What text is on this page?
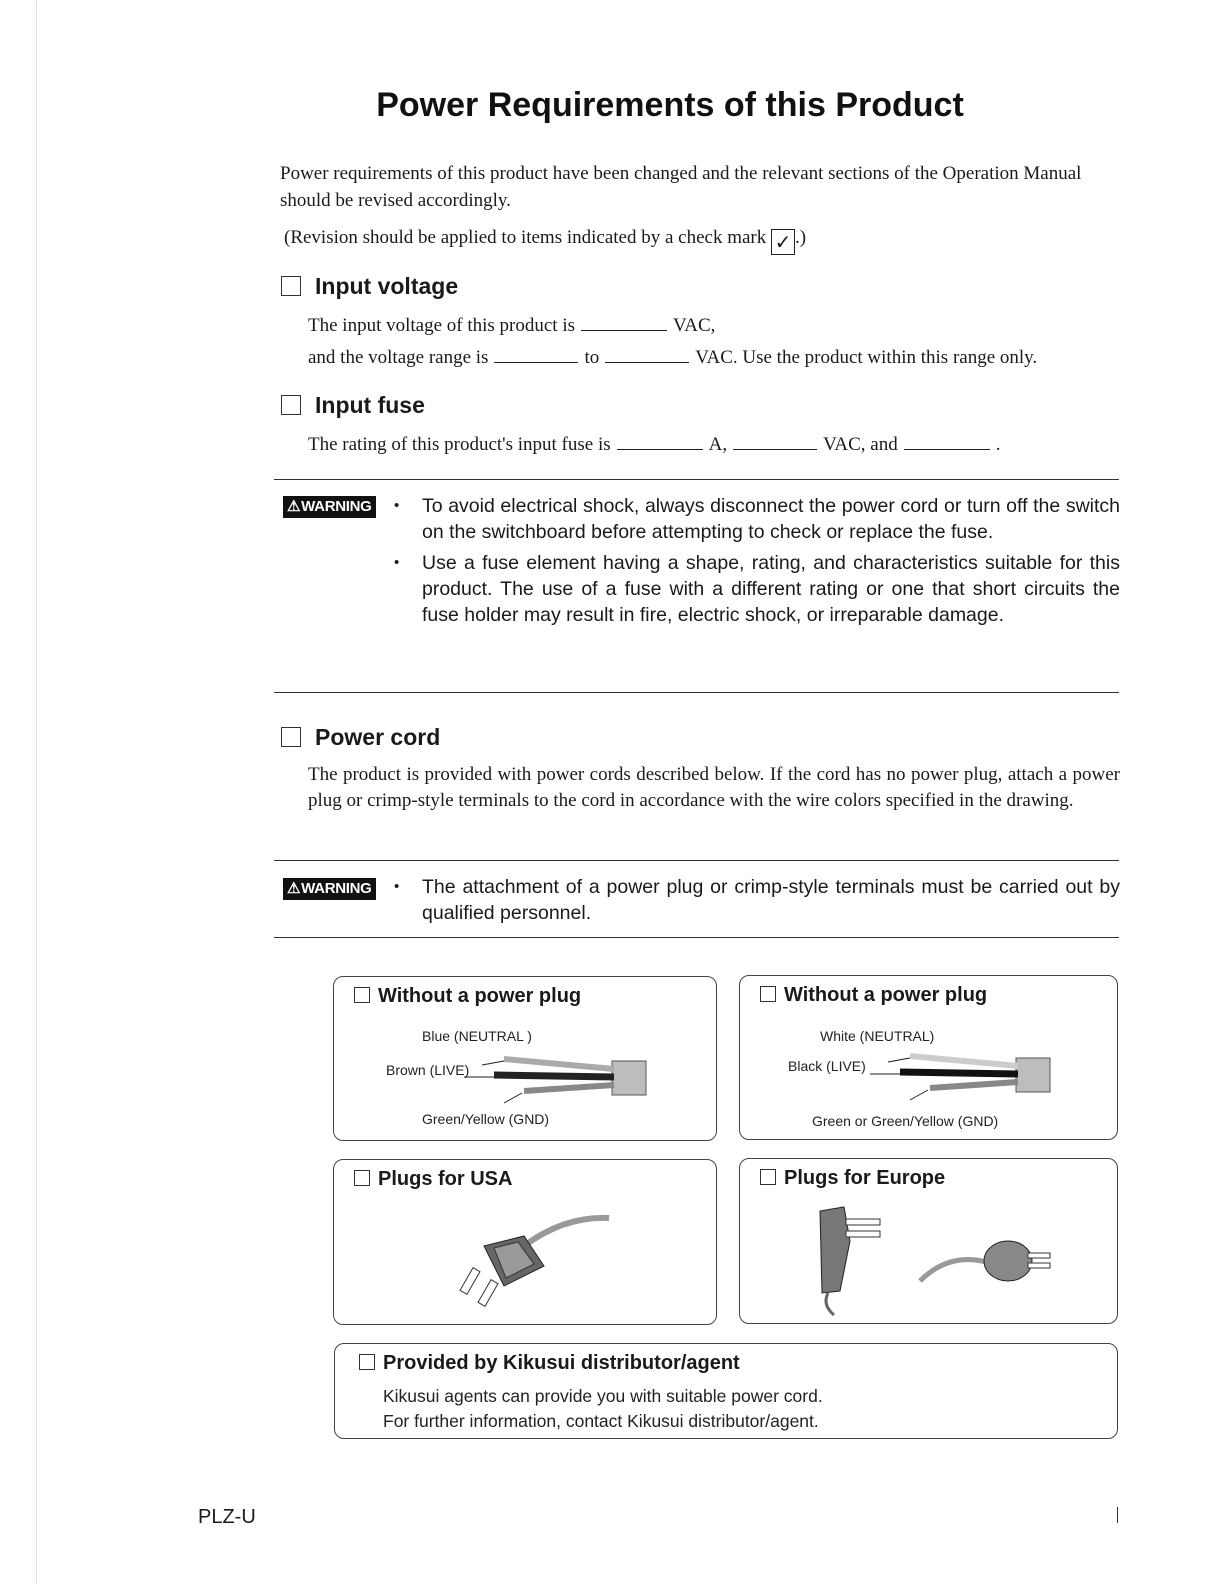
Power Requirements of this Product
Power requirements of this product have been changed and the relevant sections of the Operation Manual should be revised accordingly.
(Revision should be applied to items indicated by a check mark ✓ .)
Input voltage
The input voltage of this product is	VAC,
and the voltage range is	to	VAC. Use the product within this range only.
Input fuse
The rating of this product's input fuse is	A,	VAC, and	.
⚠WARNING	• To avoid electrical shock, always disconnect the power cord or turn off the switch on the switchboard before attempting to check or replace the fuse.
• Use a fuse element having a shape, rating, and characteristics suitable for this product. The use of a fuse with a different rating or one that short circuits the fuse holder may result in fire, electric shock, or irreparable damage.
Power cord
The product is provided with power cords described below. If the cord has no power plug, attach a power plug or crimp-style terminals to the cord in accordance with the wire colors specified in the drawing.
⚠WARNING	• The attachment of a power plug or crimp-style terminals must be carried out by qualified personnel.
Without a power plug
Blue (NEUTRAL )
Brown (LIVE)
Green/Yellow (GND)
Without a power plug
White (NEUTRAL)
Black (LIVE)
Green or Green/Yellow (GND)
Plugs for USA	Plugs for Europe
Provided by Kikusui distributor/agent
Kikusui agents can provide you with suitable power cord.
For further information, contact Kikusui distributor/agent.
PLZ-U
